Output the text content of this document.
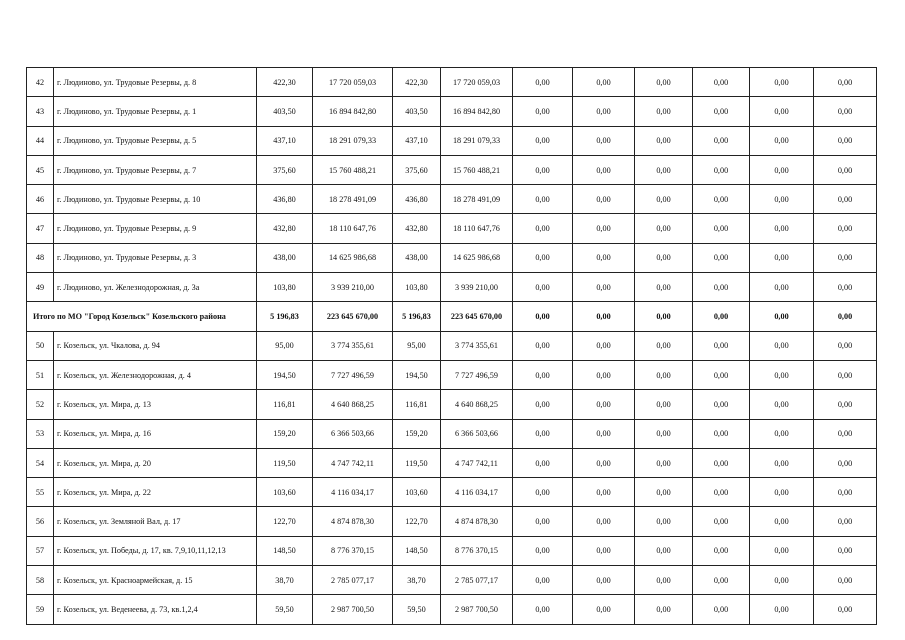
42	г. Людиново, ул. Трудовые Резервы, д. 8	422,30	17 720 059,03	422,30	17 720 059,03	0,00	0,00	0,00	0,00	0,00	0,00
43	г. Людиново, ул. Трудовые Резервы, д. 1	403,50	16 894 842,80	403,50	16 894 842,80	0,00	0,00	0,00	0,00	0,00	0,00
44	г. Людиново, ул. Трудовые Резервы, д. 5	437,10	18 291 079,33	437,10	18 291 079,33	0,00	0,00	0,00	0,00	0,00	0,00
45	г. Людиново, ул. Трудовые Резервы, д. 7	375,60	15 760 488,21	375,60	15 760 488,21	0,00	0,00	0,00	0,00	0,00	0,00
46	г. Людиново, ул. Трудовые Резервы, д. 10	436,80	18 278 491,09	436,80	18 278 491,09	0,00	0,00	0,00	0,00	0,00	0,00
47	г. Людиново, ул. Трудовые Резервы, д. 9	432,80	18 110 647,76	432,80	18 110 647,76	0,00	0,00	0,00	0,00	0,00	0,00
48	г. Людиново, ул. Трудовые Резервы, д. 3	438,00	14 625 986,68	438,00	14 625 986,68	0,00	0,00	0,00	0,00	0,00	0,00
49	г. Людиново, ул. Железнодорожная, д. 3а	103,80	3 939 210,00	103,80	3 939 210,00	0,00	0,00	0,00	0,00	0,00	0,00
Итого по МО "Город Козельск" Козельского района		5 196,83	223 645 670,00	5 196,83	223 645 670,00	0,00	0,00	0,00	0,00	0,00	0,00
50	г. Козельск, ул. Чкалова, д. 94	95,00	3 774 355,61	95,00	3 774 355,61	0,00	0,00	0,00	0,00	0,00	0,00
51	г. Козельск, ул. Железнодорожная, д. 4	194,50	7 727 496,59	194,50	7 727 496,59	0,00	0,00	0,00	0,00	0,00	0,00
52	г. Козельск, ул. Мира, д. 13	116,81	4 640 868,25	116,81	4 640 868,25	0,00	0,00	0,00	0,00	0,00	0,00
53	г. Козельск, ул. Мира, д. 16	159,20	6 366 503,66	159,20	6 366 503,66	0,00	0,00	0,00	0,00	0,00	0,00
54	г. Козельск, ул. Мира, д. 20	119,50	4 747 742,11	119,50	4 747 742,11	0,00	0,00	0,00	0,00	0,00	0,00
55	г. Козельск, ул. Мира, д. 22	103,60	4 116 034,17	103,60	4 116 034,17	0,00	0,00	0,00	0,00	0,00	0,00
56	г. Козельск, ул. Земляной Вал, д. 17	122,70	4 874 878,30	122,70	4 874 878,30	0,00	0,00	0,00	0,00	0,00	0,00
57	г. Козельск, ул. Победы, д. 17, кв. 7,9,10,11,12,13	148,50	8 776 370,15	148,50	8 776 370,15	0,00	0,00	0,00	0,00	0,00	0,00
58	г. Козельск, ул. Красноармейская, д. 15	38,70	2 785 077,17	38,70	2 785 077,17	0,00	0,00	0,00	0,00	0,00	0,00
59	г. Козельск, ул. Веденеева, д. 73, кв.1,2,4	59,50	2 987 700,50	59,50	2 987 700,50	0,00	0,00	0,00	0,00	0,00	0,00
